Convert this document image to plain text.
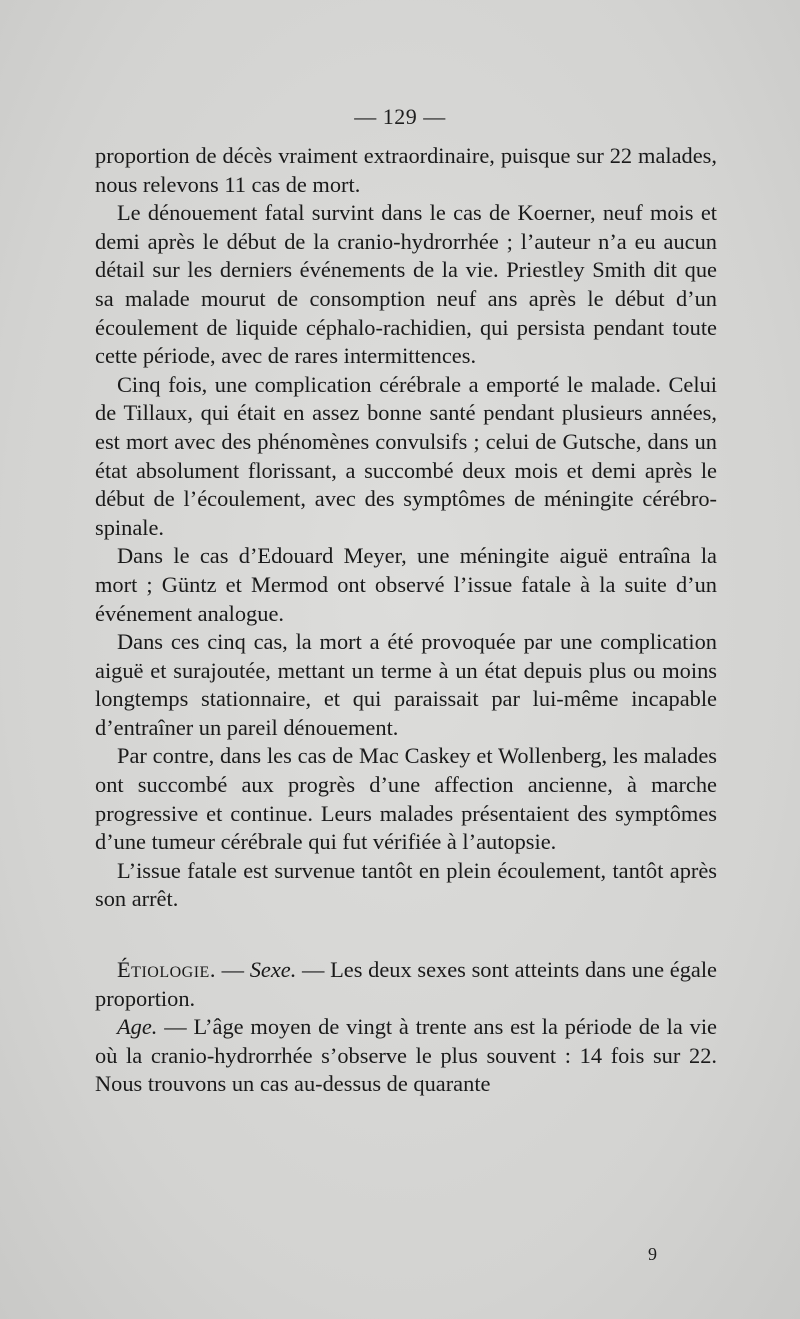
— 129 —

proportion de décès vraiment extraordinaire, puisque sur 22 malades, nous relevons 11 cas de mort.

Le dénouement fatal survint dans le cas de Koerner, neuf mois et demi après le début de la cranio-hydrorrhée ; l’auteur n’a eu aucun détail sur les derniers événements de la vie. Priestley Smith dit que sa malade mourut de consomption neuf ans après le début d’un écoulement de liquide céphalo-rachidien, qui persista pendant toute cette période, avec de rares intermittences.

Cinq fois, une complication cérébrale a emporté le malade. Celui de Tillaux, qui était en assez bonne santé pendant plusieurs années, est mort avec des phénomènes convulsifs ; celui de Gutsche, dans un état absolument florissant, a succombé deux mois et demi après le début de l’écoulement, avec des symptômes de méningite cérébro-spinale.

Dans le cas d’Edouard Meyer, une méningite aiguë entraîna la mort ; Güntz et Mermod ont observé l’issue fatale à la suite d’un événement analogue.

Dans ces cinq cas, la mort a été provoquée par une complication aiguë et surajoutée, mettant un terme à un état depuis plus ou moins longtemps stationnaire, et qui paraissait par lui-même incapable d’entraîner un pareil dénouement.

Par contre, dans les cas de Mac Caskey et Wollenberg, les malades ont succombé aux progrès d’une affection ancienne, à marche progressive et continue. Leurs malades présentaient des symptômes d’une tumeur cérébrale qui fut vérifiée à l’autopsie.

L’issue fatale est survenue tantôt en plein écoulement, tantôt après son arrêt.

Étiologie. — Sexe. — Les deux sexes sont atteints dans une égale proportion.

Age. — L’âge moyen de vingt à trente ans est la période de la vie où la cranio-hydrorrhée s’observe le plus souvent : 14 fois sur 22. Nous trouvons un cas au-dessus de quarante

9
